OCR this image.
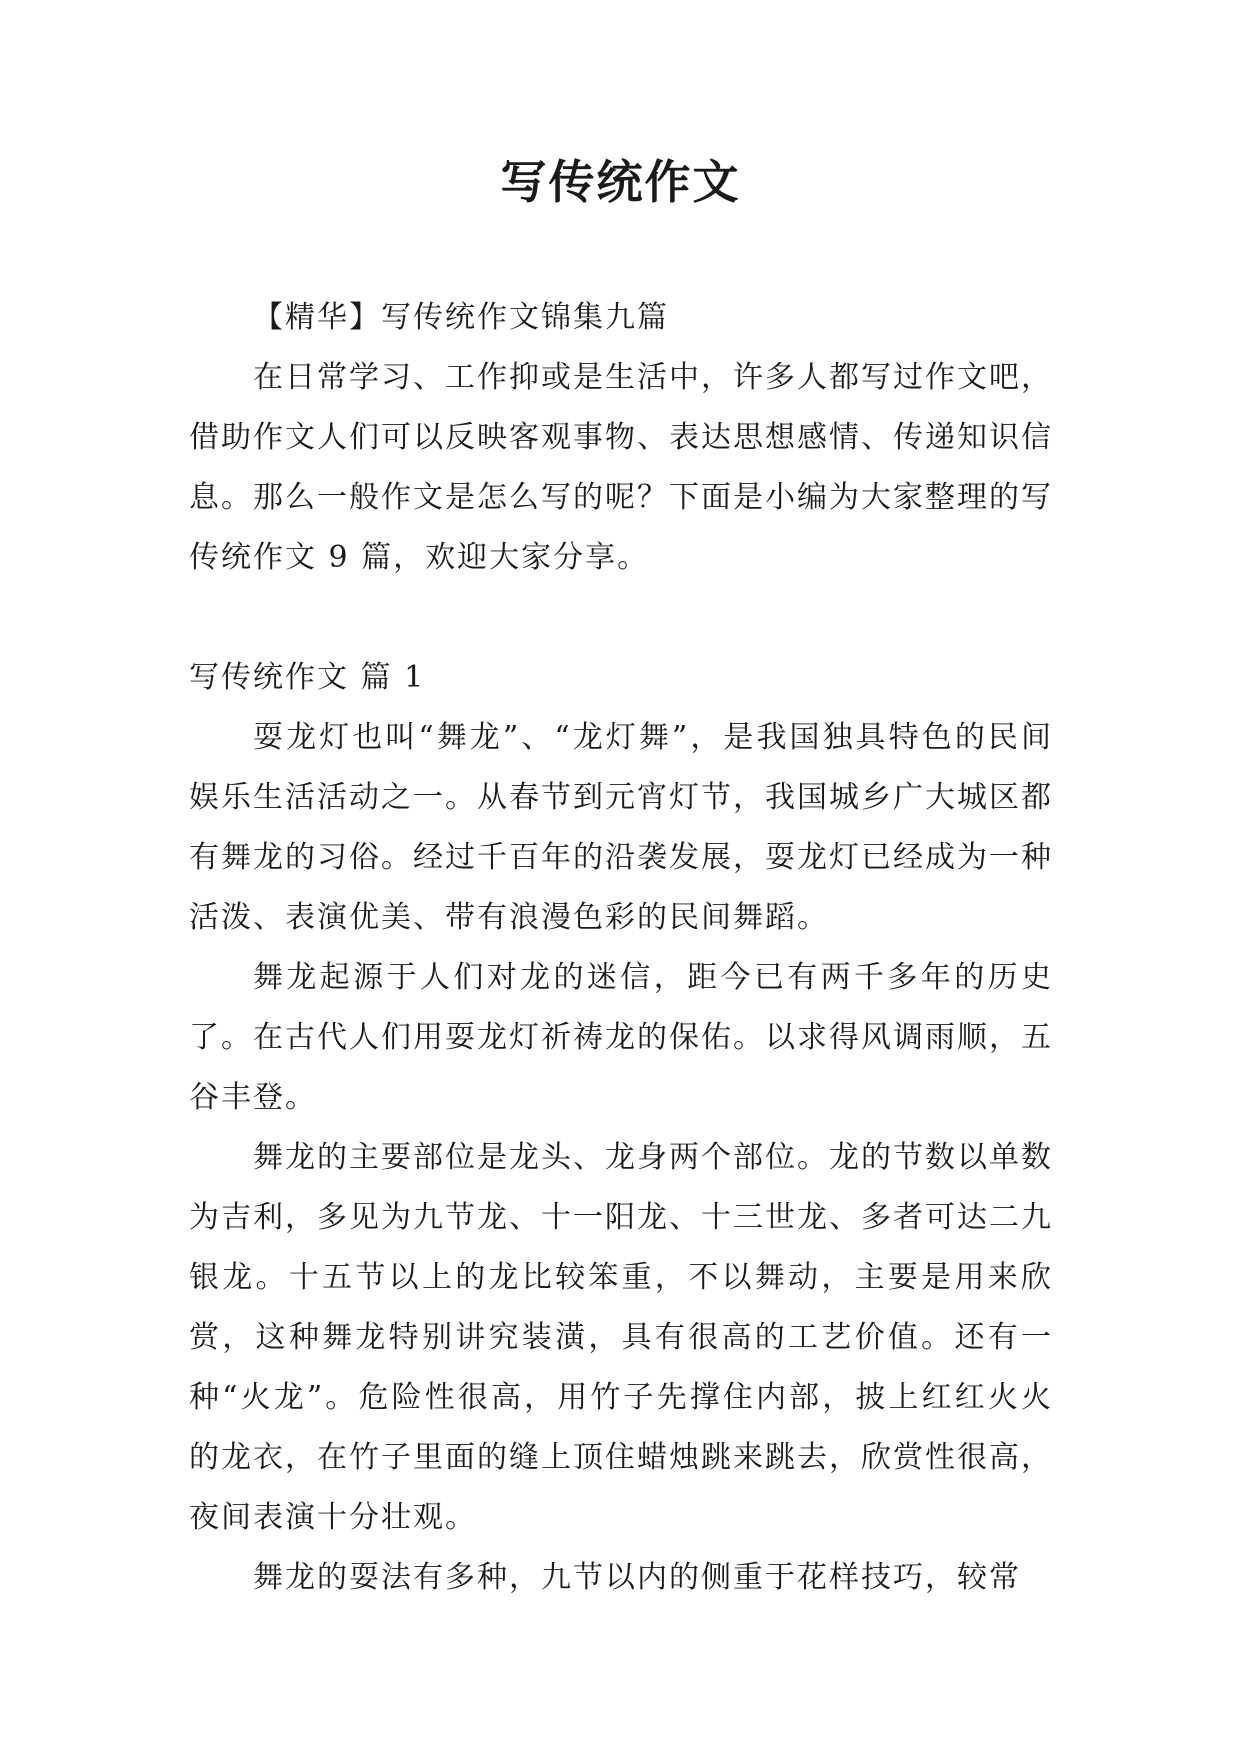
写传统作文

【精华】写传统作文锦集九篇

在日常学习、工作抑或是生活中，许多人都写过作文吧，借助作文人们可以反映客观事物、表达思想感情、传递知识信息。那么一般作文是怎么写的呢？下面是小编为大家整理的写传统作文 9 篇，欢迎大家分享。

写传统作文 篇 1

耍龙灯也叫“舞龙”、“龙灯舞”，是我国独具特色的民间娱乐生活活动之一。从春节到元宵灯节，我国城乡广大城区都有舞龙的习俗。经过千百年的沿袭发展，耍龙灯已经成为一种活泼、表演优美、带有浪漫色彩的民间舞蹈。

舞龙起源于人们对龙的迷信，距今已有两千多年的历史了。在古代人们用耍龙灯祈祷龙的保佑。以求得风调雨顺，五谷丰登。

舞龙的主要部位是龙头、龙身两个部位。龙的节数以单数为吉利，多见为九节龙、十一阳龙、十三世龙、多者可达二九银龙。十五节以上的龙比较笨重，不以舞动，主要是用来欣赏，这种舞龙特别讲究装潢，具有很高的工艺价值。还有一种“火龙”。危险性很高，用竹子先撑住内部，披上红红火火的龙衣，在竹子里面的缝上顶住蜡烛跳来跳去，欣赏性很高，夜间表演十分壮观。

舞龙的耍法有多种，九节以内的侧重于花样技巧，较常
